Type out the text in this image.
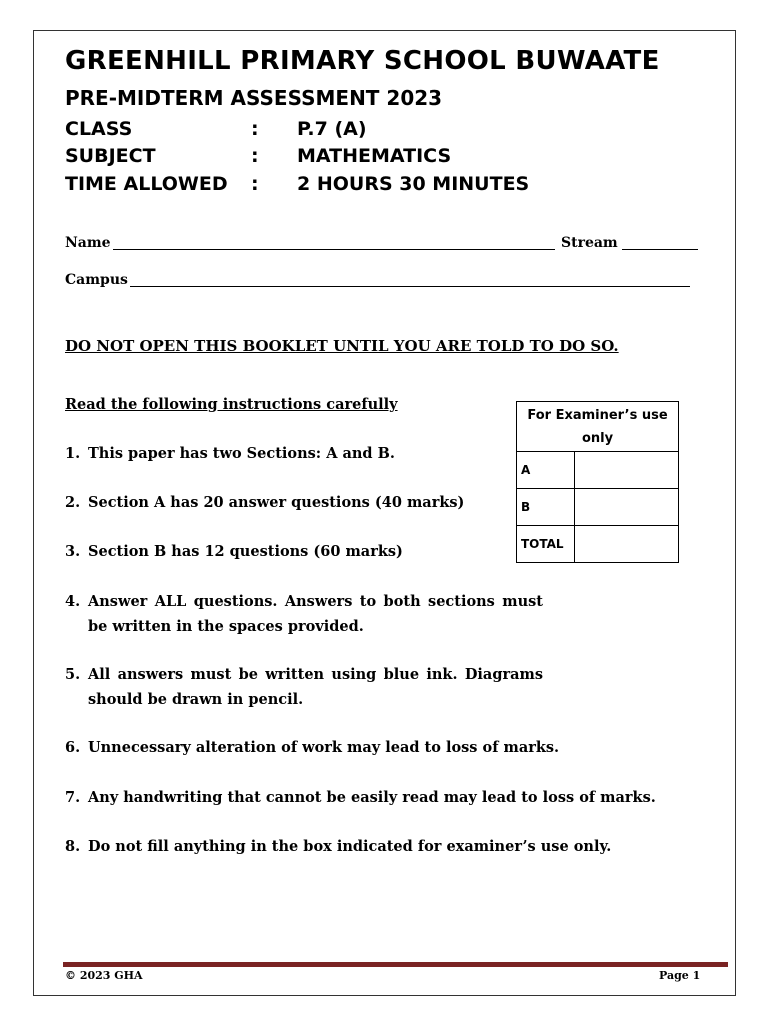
GREENHILL PRIMARY SCHOOL BUWAATE
PRE-MIDTERM ASSESSMENT 2023
CLASS	: P.7 (A)
SUBJECT	: MATHEMATICS
TIME ALLOWED : 2 HOURS 30 MINUTES
Name	Stream
Campus
DO NOT OPEN THIS BOOKLET UNTIL YOU ARE TOLD TO DO SO.
Read the following instructions carefully
1. This paper has two Sections: A and B.
2. Section A has 20 answer questions (40 marks)
3. Section B has 12 questions (60 marks)
4. Answer ALL questions. Answers to both sections must be written in the spaces provided.
5. All answers must be written using blue ink. Diagrams should be drawn in pencil.
6. Unnecessary alteration of work may lead to loss of marks.
7. Any handwriting that cannot be easily read may lead to loss of marks.
8. Do not fill anything in the box indicated for examiner’s use only.
For Examiner’s use only	
A	
B	
TOTAL	
© 2023 GHA	Page 1
